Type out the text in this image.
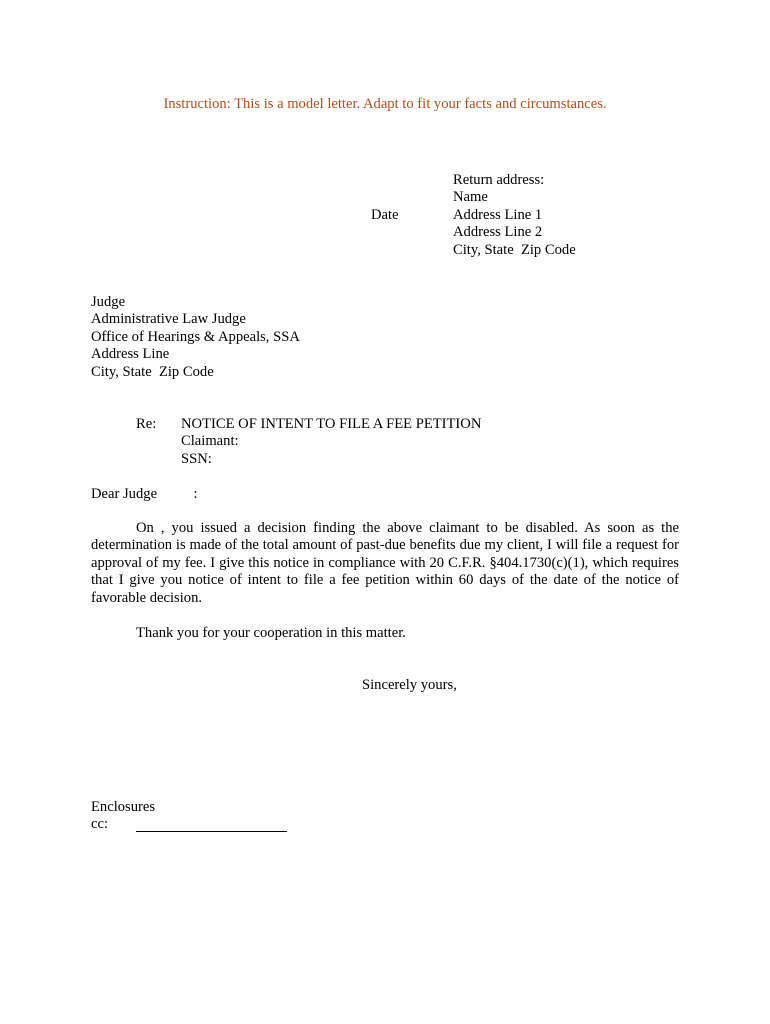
Instruction: This is a model letter. Adapt to fit your facts and circumstances.
Date
Return address:
Name
Address Line 1
Address Line 2
City, State  Zip Code
Judge
Administrative Law Judge
Office of Hearings & Appeals, SSA
Address Line
City, State  Zip Code
Re: NOTICE OF INTENT TO FILE A FEE PETITION
Claimant:
SSN:
Dear Judge          :

On , you issued a decision finding the above claimant to be disabled. As soon as the determination is made of the total amount of past-due benefits due my client, I will file a request for approval of my fee. I give this notice in compliance with 20 C.F.R. §404.1730(c)(1), which requires that I give you notice of intent to file a fee petition within 60 days of the date of the notice of favorable decision.

Thank you for your cooperation in this matter.
Sincerely yours,
Enclosures
cc:
